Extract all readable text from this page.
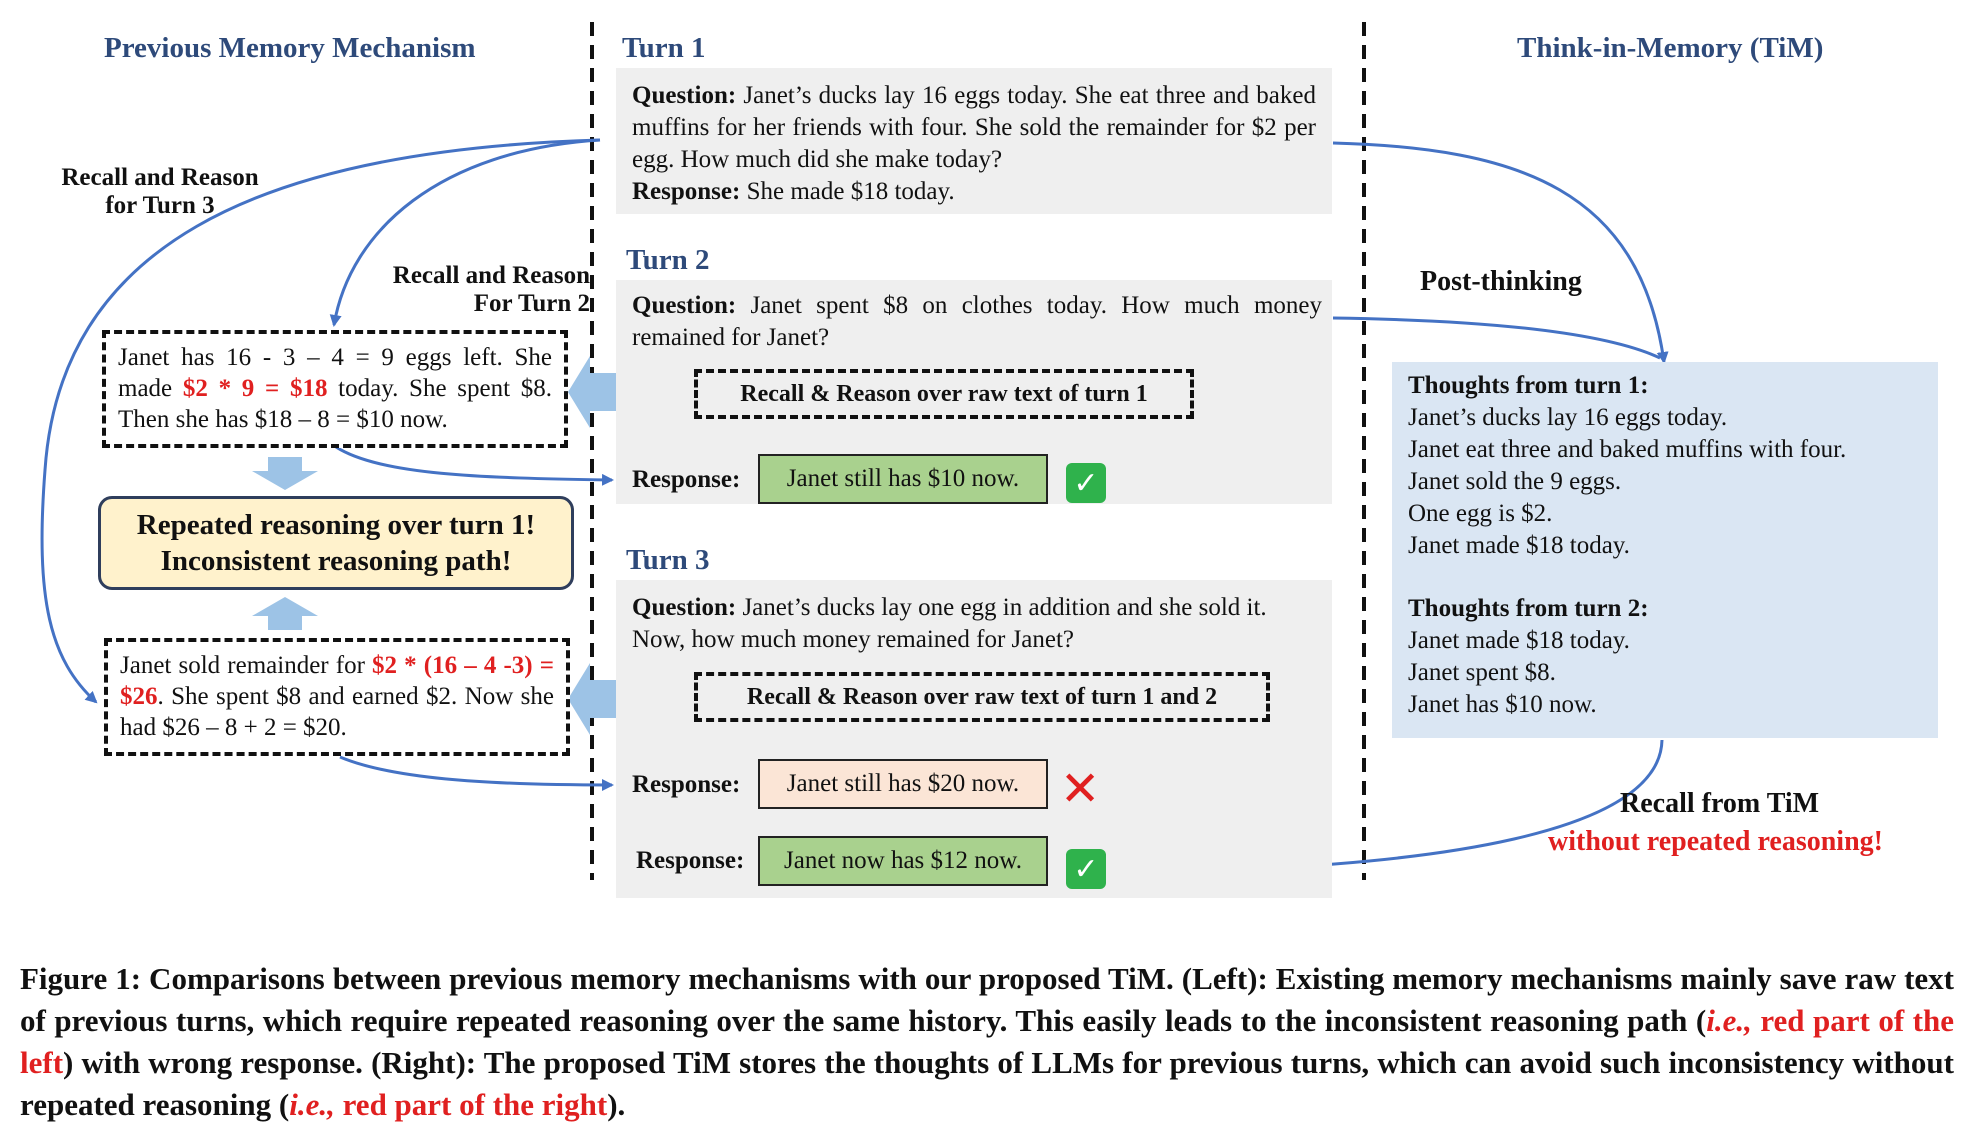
Previous Memory Mechanism	Think-in-Memory (TiM)
Recall and Reason
for Turn 3
Recall and Reason
For Turn 2
Post-thinking
Recall from TiM
without repeated reasoning!
Turn 1
Question: Janet’s ducks lay 16 eggs today. She eat three and baked muffins for her friends with four. She sold the remainder for $2 per egg. How much did she make today?
Response: She made $18 today.
Turn 2
Question: Janet spent $8 on clothes today. How much money remained for Janet?
Recall & Reason over raw text of turn 1
Response:	Janet still has $10 now.	✓
Turn 3
Question: Janet’s ducks lay one egg in addition and she sold it. Now, how much money remained for Janet?
Recall & Reason over raw text of turn 1 and 2
Response:	Janet still has $20 now. ✕
Response:	Janet now has $12 now.	✓
Janet has 16 - 3 – 4 = 9 eggs left. She made $2 * 9 = $18 today. She spent $8. Then she has $18 – 8 = $10 now.
Repeated reasoning over turn 1!
Inconsistent reasoning path!
Janet sold remainder for $2 * (16 – 4 -3) = $26. She spent $8 and earned $2. Now she had $26 – 8 + 2 = $20.
Thoughts from turn 1:
Janet’s ducks lay 16 eggs today.
Janet eat three and baked muffins with four.
Janet sold the 9 eggs.
One egg is $2.
Janet made $18 today.
Thoughts from turn 2:
Janet made $18 today.
Janet spent $8.
Janet has $10 now.
Figure 1: Comparisons between previous memory mechanisms with our proposed TiM. (Left): Existing memory mechanisms mainly save raw text of previous turns, which require repeated reasoning over the same history. This easily leads to the inconsistent reasoning path (i.e., red part of the left) with wrong response. (Right): The proposed TiM stores the thoughts of LLMs for previous turns, which can avoid such inconsistency without repeated reasoning (i.e., red part of the right).
